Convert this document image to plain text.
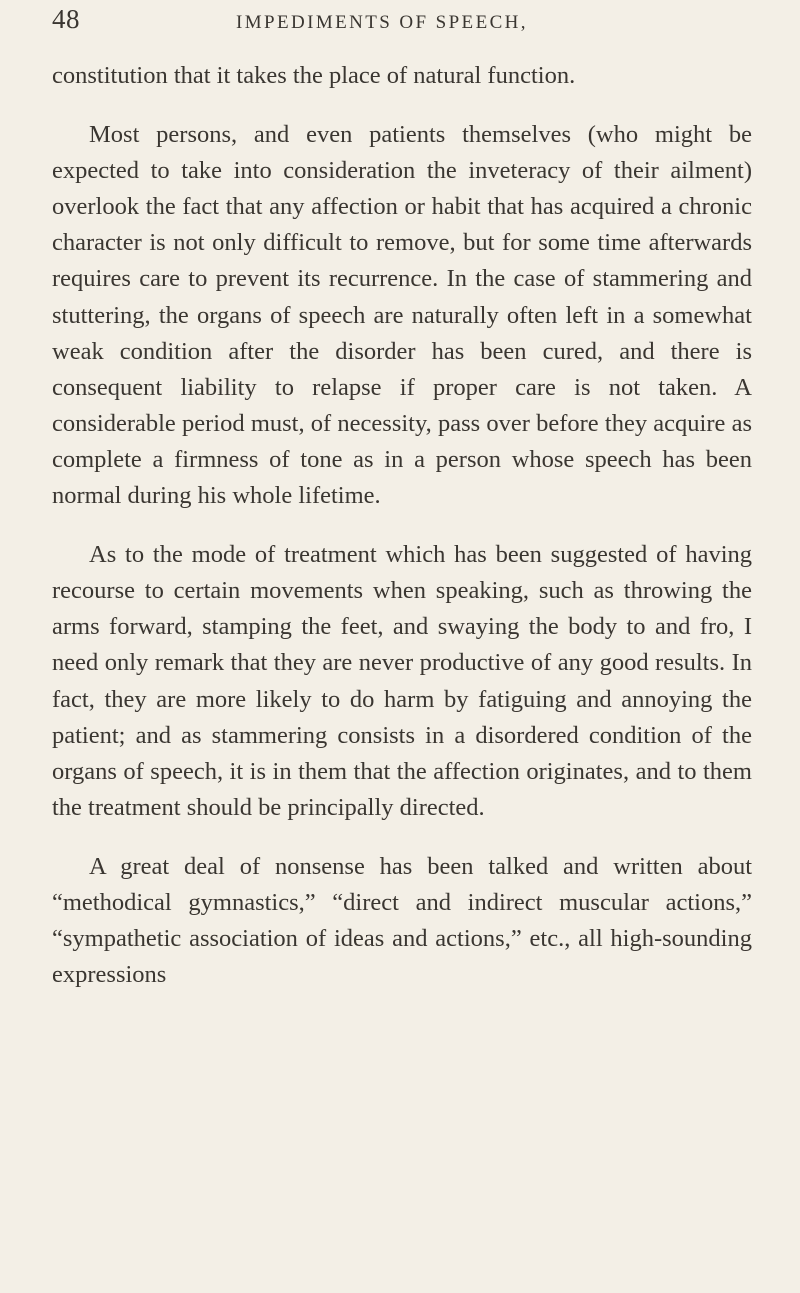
48	IMPEDIMENTS OF SPEECH,

constitution that it takes the place of natural function.

Most persons, and even patients themselves (who might be expected to take into consideration the inveteracy of their ailment) overlook the fact that any affection or habit that has acquired a chronic character is not only difficult to remove, but for some time afterwards requires care to prevent its recurrence. In the case of stammering and stuttering, the organs of speech are naturally often left in a somewhat weak condition after the disorder has been cured, and there is consequent liability to relapse if proper care is not taken. A considerable period must, of necessity, pass over before they acquire as complete a firmness of tone as in a person whose speech has been normal during his whole lifetime.

As to the mode of treatment which has been suggested of having recourse to certain movements when speaking, such as throwing the arms forward, stamping the feet, and swaying the body to and fro, I need only remark that they are never productive of any good results. In fact, they are more likely to do harm by fatiguing and annoying the patient; and as stammering consists in a disordered condition of the organs of speech, it is in them that the affection originates, and to them the treatment should be principally directed.

A great deal of nonsense has been talked and written about “methodical gymnastics,” “direct and indirect muscular actions,” “sympathetic association of ideas and actions,” etc., all high-sounding expressions
